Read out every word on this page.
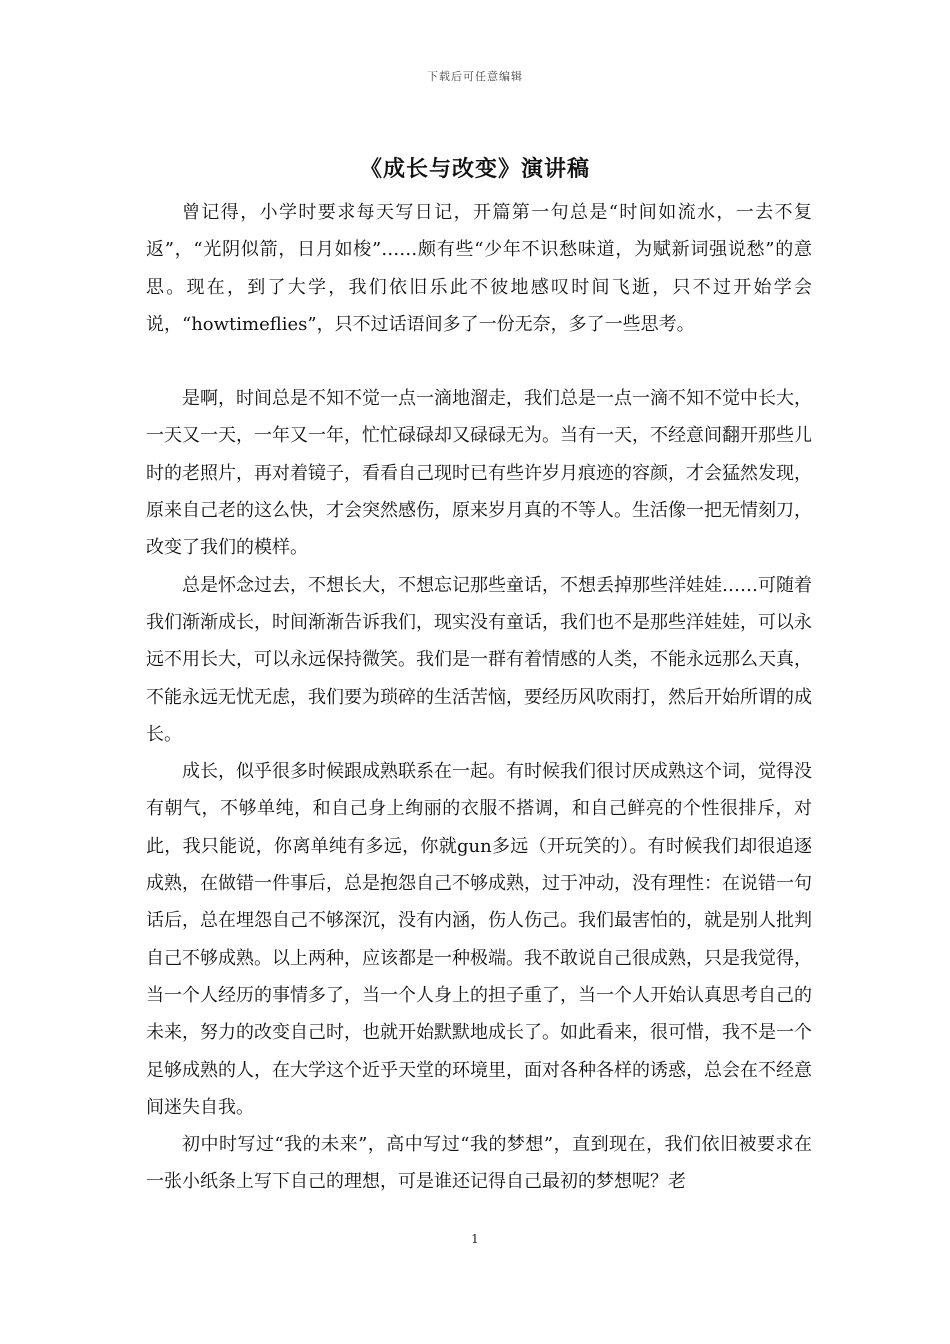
下载后可任意编辑
《成长与改变》演讲稿

曾记得，小学时要求每天写日记，开篇第一句总是“时间如流水，一去不复返”，“光阴似箭，日月如梭”……颇有些“少年不识愁味道，为赋新词强说愁”的意思。现在，到了大学，我们依旧乐此不彼地感叹时间飞逝，只不过开始学会说，“howtimeflies”，只不过话语间多了一份无奈，多了一些思考。

是啊，时间总是不知不觉一点一滴地溜走，我们总是一点一滴不知不觉中长大，一天又一天，一年又一年，忙忙碌碌却又碌碌无为。当有一天，不经意间翻开那些儿时的老照片，再对着镜子，看看自己现时已有些许岁月痕迹的容颜，才会猛然发现，原来自己老的这么快，才会突然感伤，原来岁月真的不等人。生活像一把无情刻刀，改变了我们的模样。

总是怀念过去，不想长大，不想忘记那些童话，不想丢掉那些洋娃娃……可随着我们渐渐成长，时间渐渐告诉我们，现实没有童话，我们也不是那些洋娃娃，可以永远不用长大，可以永远保持微笑。我们是一群有着情感的人类，不能永远那么天真，不能永远无忧无虑，我们要为琐碎的生活苦恼，要经历风吹雨打，然后开始所谓的成长。

成长，似乎很多时候跟成熟联系在一起。有时候我们很讨厌成熟这个词，觉得没有朝气，不够单纯，和自己身上绚丽的衣服不搭调，和自己鲜亮的个性很排斥，对此，我只能说，你离单纯有多远，你就gun多远（开玩笑的）。有时候我们却很追逐成熟，在做错一件事后，总是抱怨自己不够成熟，过于冲动，没有理性：在说错一句话后，总在埋怨自己不够深沉，没有内涵，伤人伤己。我们最害怕的，就是别人批判自己不够成熟。以上两种，应该都是一种极端。我不敢说自己很成熟，只是我觉得，当一个人经历的事情多了，当一个人身上的担子重了，当一个人开始认真思考自己的未来，努力的改变自己时，也就开始默默地成长了。如此看来，很可惜，我不是一个足够成熟的人，在大学这个近乎天堂的环境里，面对各种各样的诱惑，总会在不经意间迷失自我。

初中时写过“我的未来”，高中写过“我的梦想”，直到现在，我们依旧被要求在一张小纸条上写下自己的理想，可是谁还记得自己最初的梦想呢？老

1
